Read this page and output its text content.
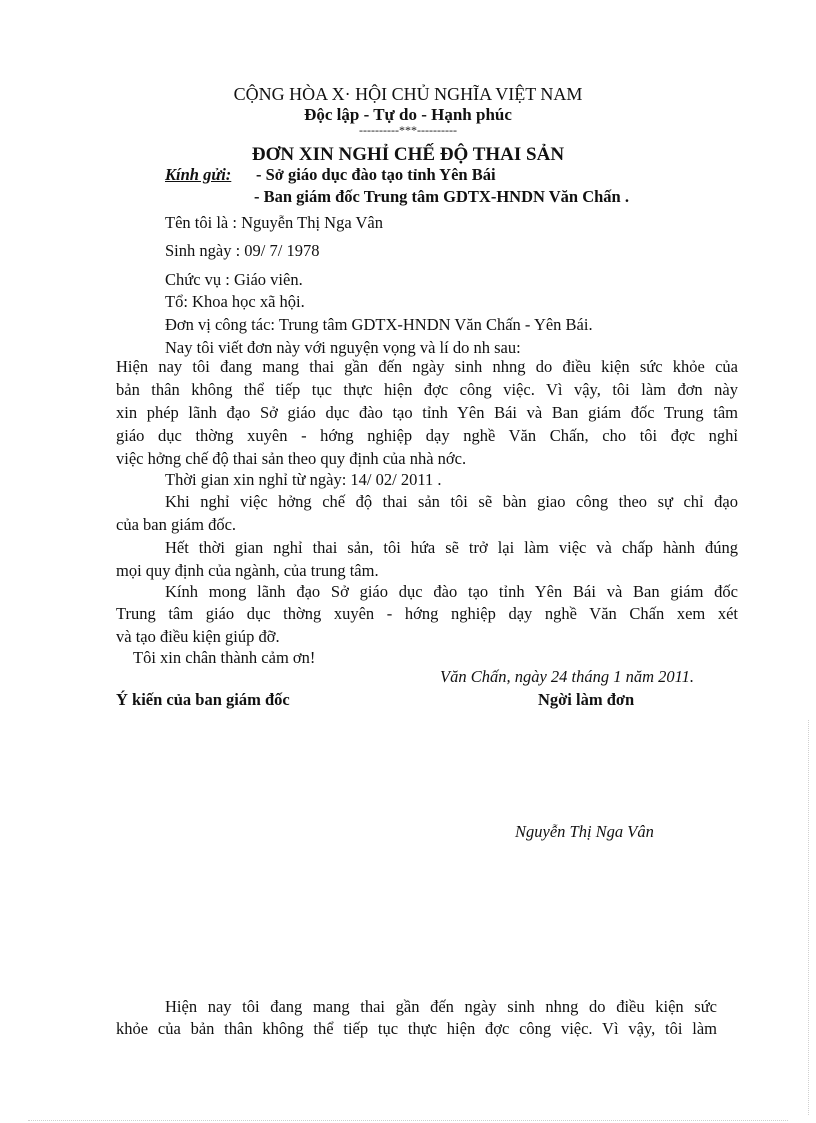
CỘNG HÒA X· HỘI CHỦ NGHĨA VIỆT NAM
Độc lập - Tự do - Hạnh phúc
----------***----------
ĐƠN XIN NGHỈ CHẾ ĐỘ THAI SẢN
Kính gửi: - Sở giáo dục đào tạo tỉnh Yên Bái
- Ban giám đốc Trung tâm GDTX-HNDN Văn Chấn .
Tên tôi là : Nguyễn Thị Nga Vân
Sinh ngày : 09/ 7/ 1978
Chức vụ : Giáo viên.
Tổ: Khoa học xã hội.
Đơn vị công tác: Trung tâm GDTX-HNDN Văn Chấn - Yên Bái.
Nay tôi viết đơn này với nguyện vọng và lí do nh sau:
Hiện nay tôi đang mang thai gần đến ngày sinh nhng do điều kiện sức khỏe của
bản thân không thể tiếp tục thực hiện đợc công việc. Vì vậy, tôi làm đơn này
xin phép lãnh đạo Sở giáo dục đào tạo tỉnh Yên Bái và Ban giám đốc Trung tâm
giáo dục thờng xuyên - hớng nghiệp dạy nghề Văn Chấn, cho tôi đợc nghỉ
việc hởng chế độ thai sản theo quy định của nhà nớc.
Thời gian xin nghỉ từ ngày: 14/ 02/ 2011 .
Khi nghỉ việc hởng chế độ thai sản tôi sẽ bàn giao công theo sự chỉ đạo
của ban giám đốc.
Hết thời gian nghỉ thai sản, tôi hứa sẽ trở lại làm việc và chấp hành đúng
mọi quy định của ngành, của trung tâm.
Kính mong lãnh đạo Sở giáo dục đào tạo tỉnh Yên Bái và Ban giám đốc
Trung tâm giáo dục thờng xuyên - hớng nghiệp dạy nghề Văn Chấn xem xét
và tạo điều kiện giúp đỡ.
Tôi xin chân thành cảm ơn!
Văn Chấn, ngày 24 tháng 1 năm 2011.
Ý kiến của ban giám đốc	Ngời làm đơn
Nguyễn Thị Nga Vân
Hiện nay tôi đang mang thai gần đến ngày sinh nhng do điều kiện sức
khỏe của bản thân không thể tiếp tục thực hiện đợc công việc. Vì vậy, tôi làm
